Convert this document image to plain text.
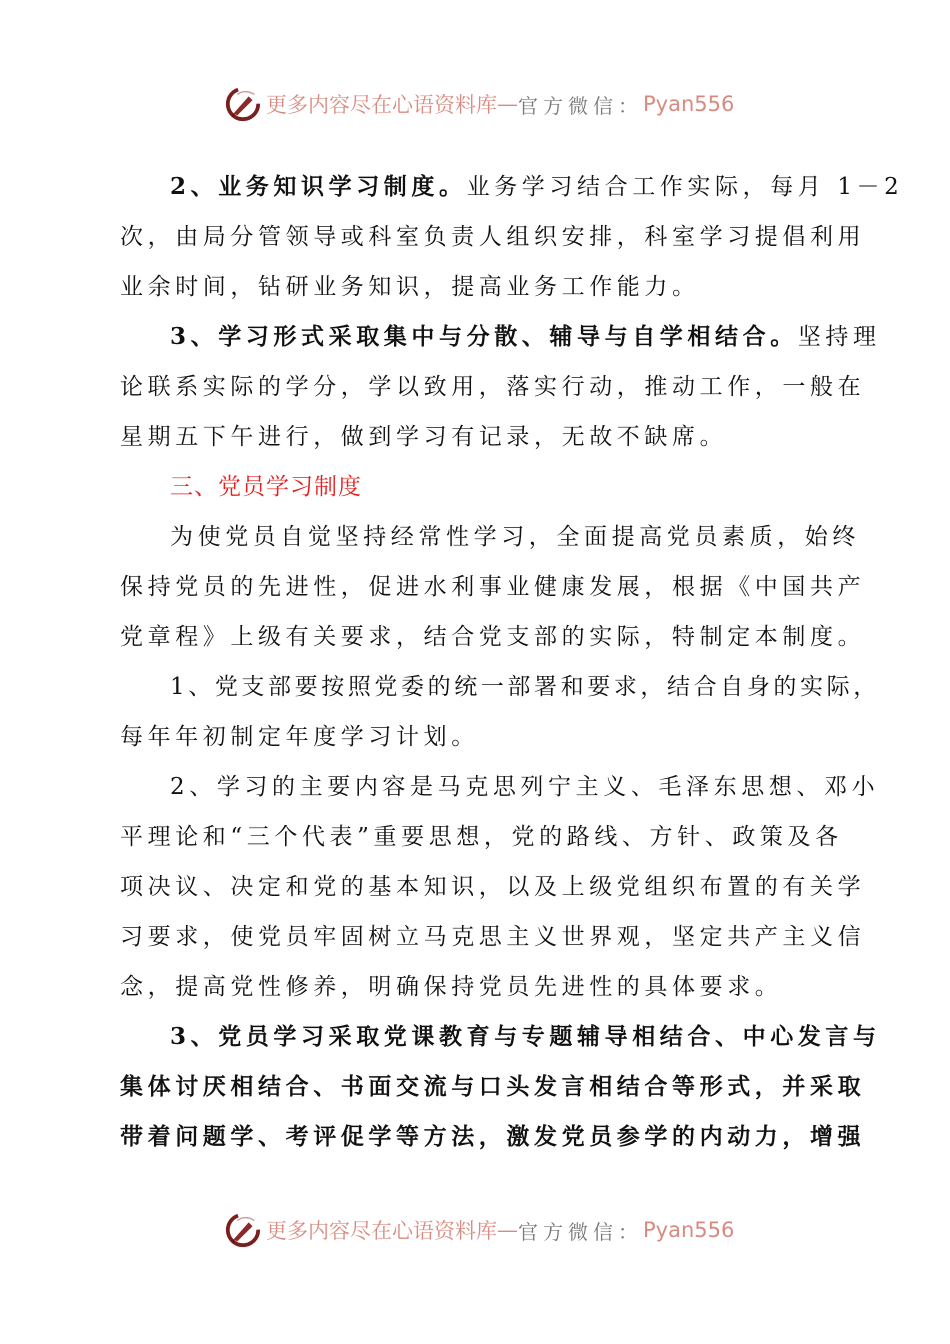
更多内容尽在心语资料库 — 官方微信： Pyan556

2、业务知识学习制度。业务学习结合工作实际，每月 1－2
次，由局分管领导或科室负责人组织安排，科室学习提倡利用
业余时间，钻研业务知识，提高业务工作能力。

3、学习形式采取集中与分散、辅导与自学相结合。坚持理
论联系实际的学分，学以致用，落实行动，推动工作，一般在
星期五下午进行，做到学习有记录，无故不缺席。

三、党员学习制度

为使党员自觉坚持经常性学习，全面提高党员素质，始终
保持党员的先进性，促进水利事业健康发展，根据《中国共产
党章程》上级有关要求，结合党支部的实际，特制定本制度。

1、党支部要按照党委的统一部署和要求，结合自身的实际，
每年年初制定年度学习计划。

2、学习的主要内容是马克思列宁主义、毛泽东思想、邓小
平理论和“三个代表”重要思想，党的路线、方针、政策及各
项决议、决定和党的基本知识，以及上级党组织布置的有关学
习要求，使党员牢固树立马克思主义世界观，坚定共产主义信
念，提高党性修养，明确保持党员先进性的具体要求。

3、党员学习采取党课教育与专题辅导相结合、中心发言与
集体讨厌相结合、书面交流与口头发言相结合等形式，并采取
带着问题学、考评促学等方法，激发党员参学的内动力，增强

更多内容尽在心语资料库 — 官方微信： Pyan556
